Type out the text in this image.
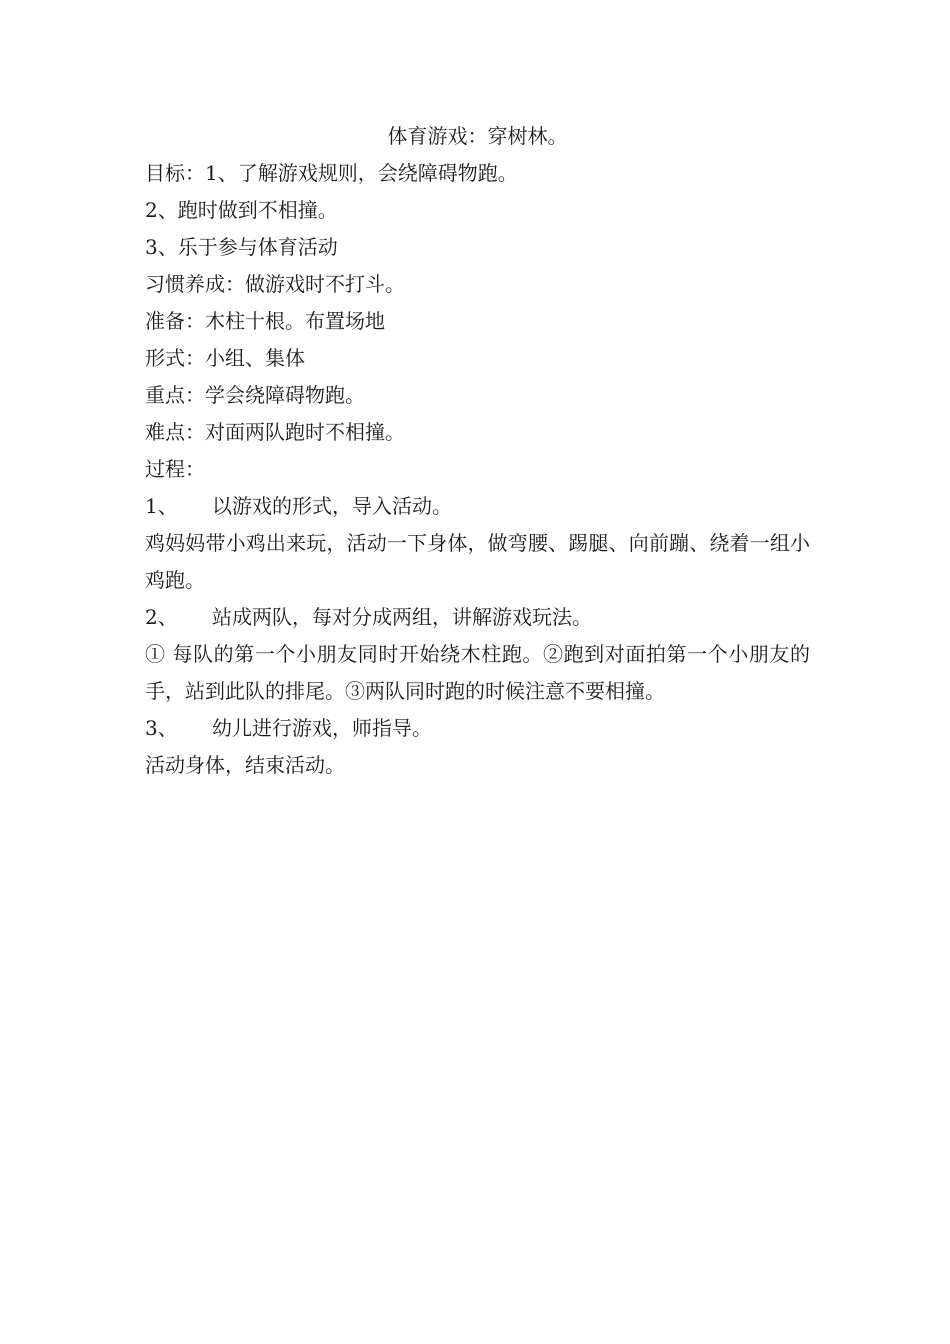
体育游戏：穿树林。

目标：1、了解游戏规则，会绕障碍物跑。

2、跑时做到不相撞。

3、乐于参与体育活动

习惯养成：做游戏时不打斗。

准备：木柱十根。布置场地

形式：小组、集体

重点：学会绕障碍物跑。

难点：对面两队跑时不相撞。

过程：

1、 以游戏的形式，导入活动。

鸡妈妈带小鸡出来玩，活动一下身体，做弯腰、踢腿、向前蹦、绕着一组小鸡跑。

2、 站成两队，每对分成两组，讲解游戏玩法。

① 每队的第一个小朋友同时开始绕木柱跑。②跑到对面拍第一个小朋友的手，站到此队的排尾。③两队同时跑的时候注意不要相撞。

3、 幼儿进行游戏，师指导。

活动身体，结束活动。
